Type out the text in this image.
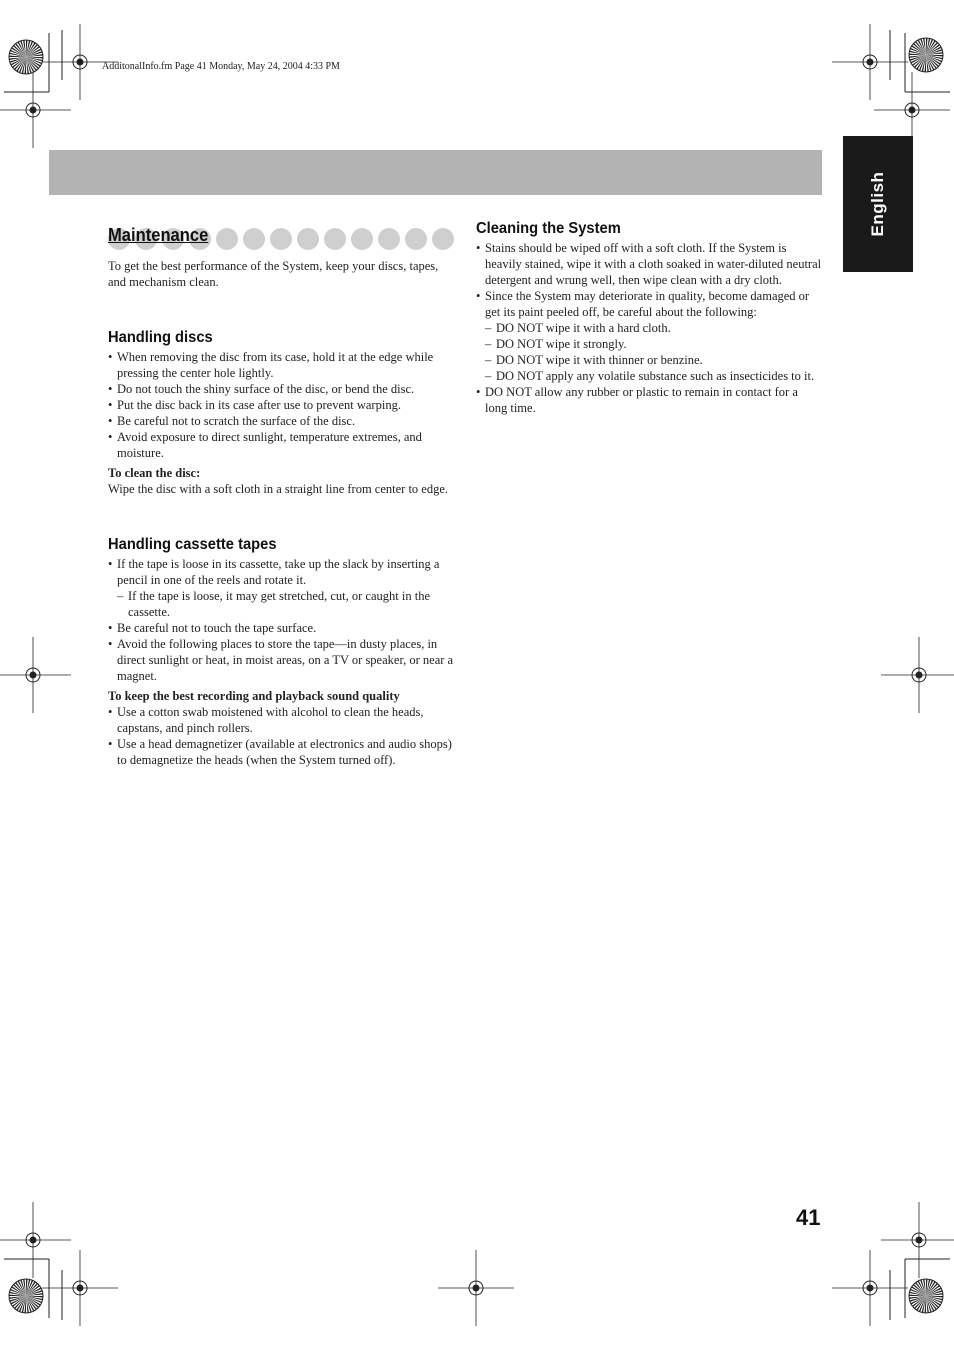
AdditonalInfo.fm Page 41 Monday, May 24, 2004 4:33 PM
English
Maintenance

To get the best performance of the System, keep your discs, tapes, and mechanism clean.

Handling discs
• When removing the disc from its case, hold it at the edge while pressing the center hole lightly.
• Do not touch the shiny surface of the disc, or bend the disc.
• Put the disc back in its case after use to prevent warping.
• Be careful not to scratch the surface of the disc.
• Avoid exposure to direct sunlight, temperature extremes, and moisture.

To clean the disc:

Wipe the disc with a soft cloth in a straight line from center to edge.

Handling cassette tapes
• If the tape is loose in its cassette, take up the slack by inserting a pencil in one of the reels and rotate it.
– If the tape is loose, it may get stretched, cut, or caught in the cassette.
• Be careful not to touch the tape surface.
• Avoid the following places to store the tape—in dusty places, in direct sunlight or heat, in moist areas, on a TV or speaker, or near a magnet.

To keep the best recording and playback sound quality

• Use a cotton swab moistened with alcohol to clean the heads, capstans, and pinch rollers.
• Use a head demagnetizer (available at electronics and audio shops) to demagnetize the heads (when the System turned off).
Cleaning the System
• Stains should be wiped off with a soft cloth. If the System is heavily stained, wipe it with a cloth soaked in water-diluted neutral detergent and wrung well, then wipe clean with a dry cloth.
• Since the System may deteriorate in quality, become damaged or get its paint peeled off, be careful about the following:
– DO NOT wipe it with a hard cloth.
– DO NOT wipe it strongly.
– DO NOT wipe it with thinner or benzine.
– DO NOT apply any volatile substance such as insecticides to it.
• DO NOT allow any rubber or plastic to remain in contact for a long time.
41
